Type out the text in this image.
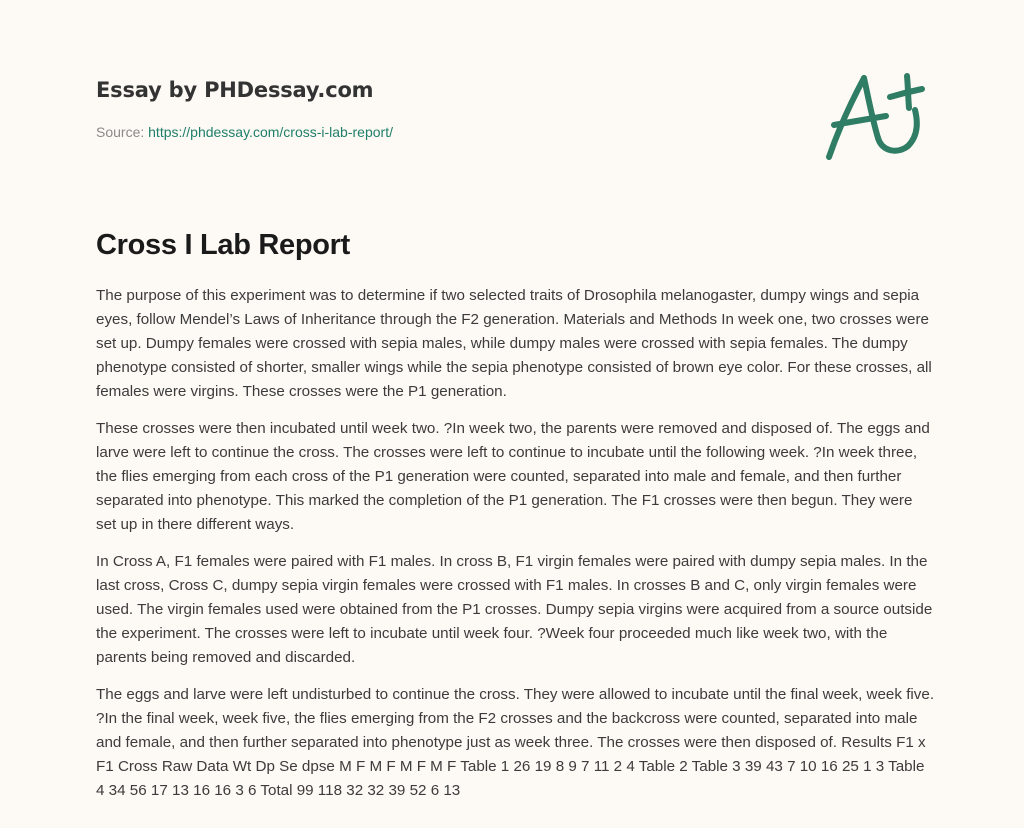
Essay by PHDessay.com
Source: https://phdessay.com/cross-i-lab-report/
Cross I Lab Report

The purpose of this experiment was to determine if two selected traits of Drosophila melanogaster, dumpy wings and sepia eyes, follow Mendel’s Laws of Inheritance through the F2 generation. Materials and Methods In week one, two crosses were set up. Dumpy females were crossed with sepia males, while dumpy males were crossed with sepia females. The dumpy phenotype consisted of shorter, smaller wings while the sepia phenotype consisted of brown eye color. For these crosses, all females were virgins. These crosses were the P1 generation.

These crosses were then incubated until week two. ?In week two, the parents were removed and disposed of. The eggs and larve were left to continue the cross. The crosses were left to continue to incubate until the following week. ?In week three, the flies emerging from each cross of the P1 generation were counted, separated into male and female, and then further separated into phenotype. This marked the completion of the P1 generation. The F1 crosses were then begun. They were set up in there different ways.

In Cross A, F1 females were paired with F1 males. In cross B, F1 virgin females were paired with dumpy sepia males. In the last cross, Cross C, dumpy sepia virgin females were crossed with F1 males. In crosses B and C, only virgin females were used. The virgin females used were obtained from the P1 crosses. Dumpy sepia virgins were acquired from a source outside the experiment. The crosses were left to incubate until week four. ?Week four proceeded much like week two, with the parents being removed and discarded.

The eggs and larve were left undisturbed to continue the cross. They were allowed to incubate until the final week, week five. ?In the final week, week five, the flies emerging from the F2 crosses and the backcross were counted, separated into male and female, and then further separated into phenotype just as week three. The crosses were then disposed of. Results F1 x F1 Cross Raw Data Wt Dp Se dpse M F M F M F M F Table 1 26 19 8 9 7 11 2 4 Table 2 Table 3 39 43 7 10 16 25 1 3 Table 4 34 56 17 13 16 16 3 6 Total 99 118 32 32 39 52 6 13
